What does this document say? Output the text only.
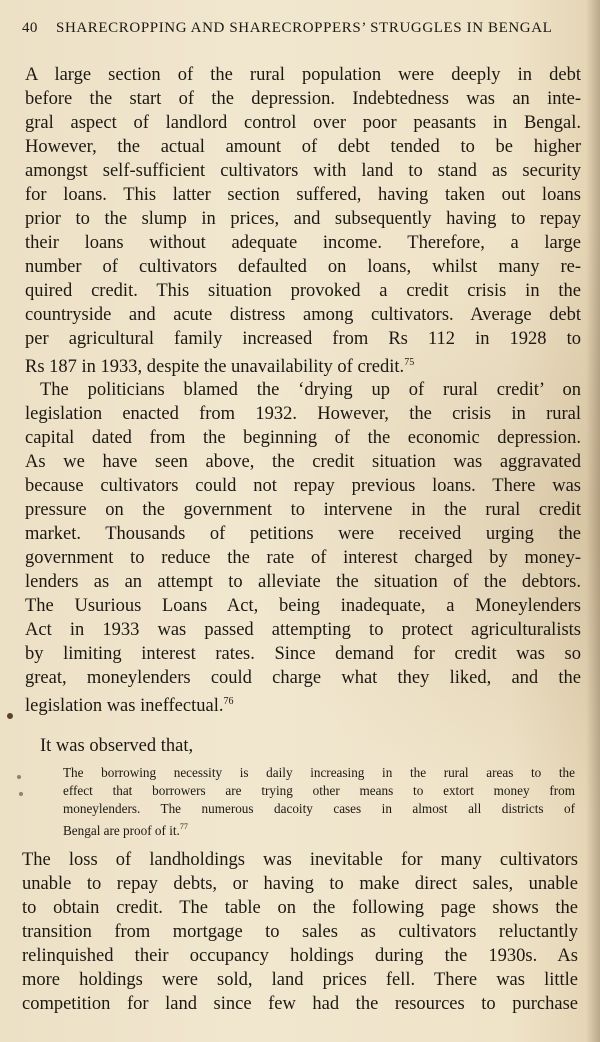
40 SHARECROPPING AND SHARECROPPERS’ STRUGGLES IN BENGAL
A large section of the rural population were deeply in debt
before the start of the depression. Indebtedness was an inte-
gral aspect of landlord control over poor peasants in Bengal.
However, the actual amount of debt tended to be higher
amongst self-sufficient cultivators with land to stand as security
for loans. This latter section suffered, having taken out loans
prior to the slump in prices, and subsequently having to repay
their loans without adequate income. Therefore, a large
number of cultivators defaulted on loans, whilst many re-
quired credit. This situation provoked a credit crisis in the
countryside and acute distress among cultivators. Average debt
per agricultural family increased from Rs 112 in 1928 to
Rs 187 in 1933, despite the unavailability of credit.$^{75}$
The politicians blamed the ‘drying up of rural credit’ on
legislation enacted from 1932. However, the crisis in rural
capital dated from the beginning of the economic depression.
As we have seen above, the credit situation was aggravated
because cultivators could not repay previous loans. There was
pressure on the government to intervene in the rural credit
market. Thousands of petitions were received urging the
government to reduce the rate of interest charged by money-
lenders as an attempt to alleviate the situation of the debtors.
The Usurious Loans Act, being inadequate, a Moneylenders
Act in 1933 was passed attempting to protect agriculturalists
by limiting interest rates. Since demand for credit was so
great, moneylenders could charge what they liked, and the
legislation was ineffectual.$^{76}$
It was observed that,
The borrowing necessity is daily increasing in the rural areas to the
effect that borrowers are trying other means to extort money from
moneylenders. The numerous dacoity cases in almost all districts of
Bengal are proof of it.$^{77}$
The loss of landholdings was inevitable for many cultivators
unable to repay debts, or having to make direct sales, unable
to obtain credit. The table on the following page shows the
transition from mortgage to sales as cultivators reluctantly
relinquished their occupancy holdings during the 1930s. As
more holdings were sold, land prices fell. There was little
competition for land since few had the resources to purchase
